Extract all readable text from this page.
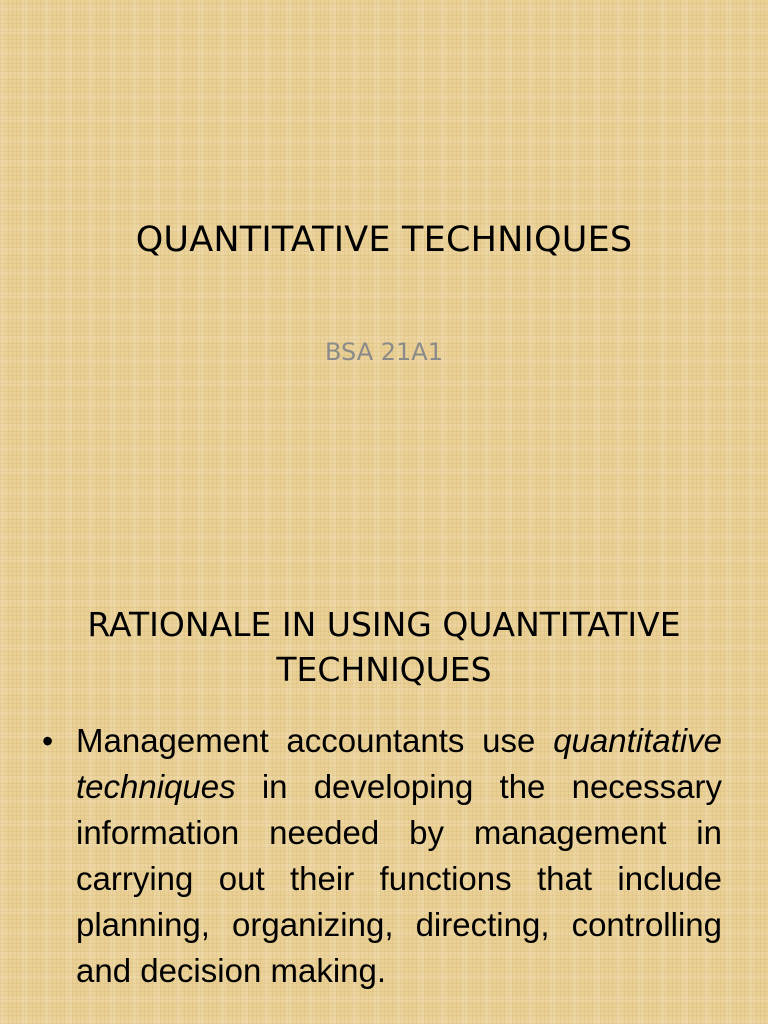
QUANTITATIVE TECHNIQUES
BSA 21A1
RATIONALE IN USING QUANTITATIVE TECHNIQUES
• Management accountants use quantitative techniques in developing the necessary information needed by management in carrying out their functions that include planning, organizing, directing, controlling and decision making.
